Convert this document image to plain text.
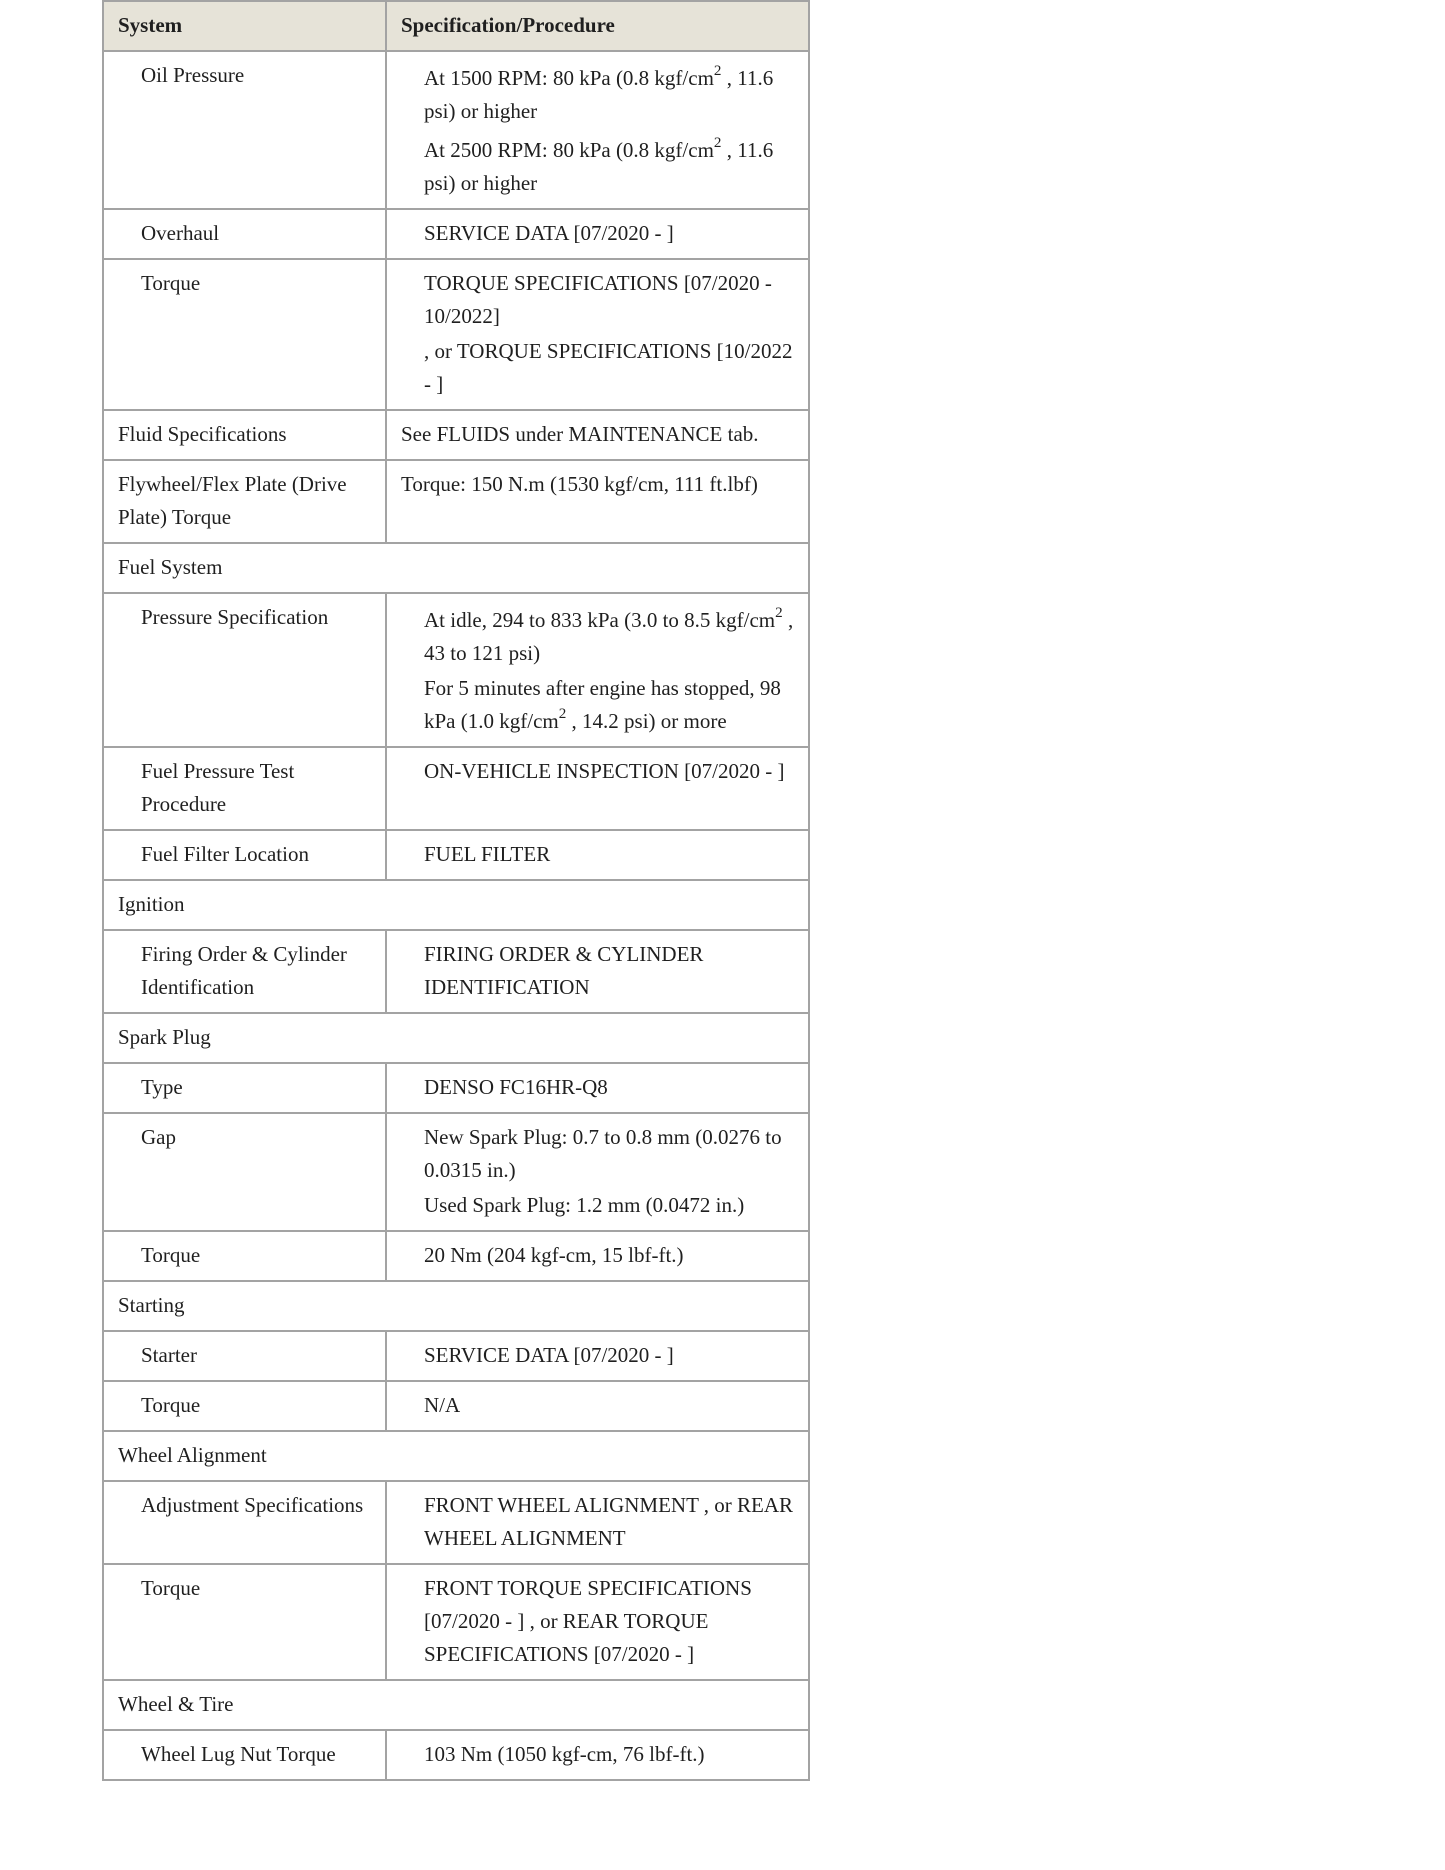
System	Specification/Procedure
Oil Pressure	At 1500 RPM: 80 kPa (0.8 kgf/$cm^2$ , 11.6 psi) or higher
At 2500 RPM: 80 kPa (0.8 kgf/$cm^2$ , 11.6 psi) or higher

Overhaul	SERVICE DATA [07/2020 - ]
Torque	TORQUE SPECIFICATIONS [07/2020 - 10/2022]
, or TORQUE SPECIFICATIONS [10/2022 - ]

Fluid Specifications	See FLUIDS under MAINTENANCE tab.
Flywheel/Flex Plate (Drive Plate) Torque	Torque: 150 N.m (1530 kgf/cm, 111 ft.lbf)
Fuel System	
Pressure Specification	At idle, 294 to 833 kPa (3.0 to 8.5 kgf/$cm^2$ , 43 to 121 psi)
For 5 minutes after engine has stopped, 98 kPa (1.0 kgf/$cm^2$ , 14.2 psi) or more

Fuel Pressure Test Procedure	ON-VEHICLE INSPECTION [07/2020 - ]
Fuel Filter Location	FUEL FILTER
Ignition	
Firing Order & Cylinder Identification	FIRING ORDER & CYLINDER IDENTIFICATION
Spark Plug	
Type	DENSO FC16HR-Q8
Gap	New Spark Plug: 0.7 to 0.8 mm (0.0276 to 0.0315 in.)
Used Spark Plug: 1.2 mm (0.0472 in.)

Torque	20 Nm (204 kgf-cm, 15 lbf-ft.)
Starting	
Starter	SERVICE DATA [07/2020 - ]
Torque	N/A
Wheel Alignment	
Adjustment Specifications	FRONT WHEEL ALIGNMENT , or REAR WHEEL ALIGNMENT
Torque	FRONT TORQUE SPECIFICATIONS [07/2020 - ] , or REAR TORQUE SPECIFICATIONS [07/2020 - ]
Wheel & Tire	
Wheel Lug Nut Torque	103 Nm (1050 kgf-cm, 76 lbf-ft.)
